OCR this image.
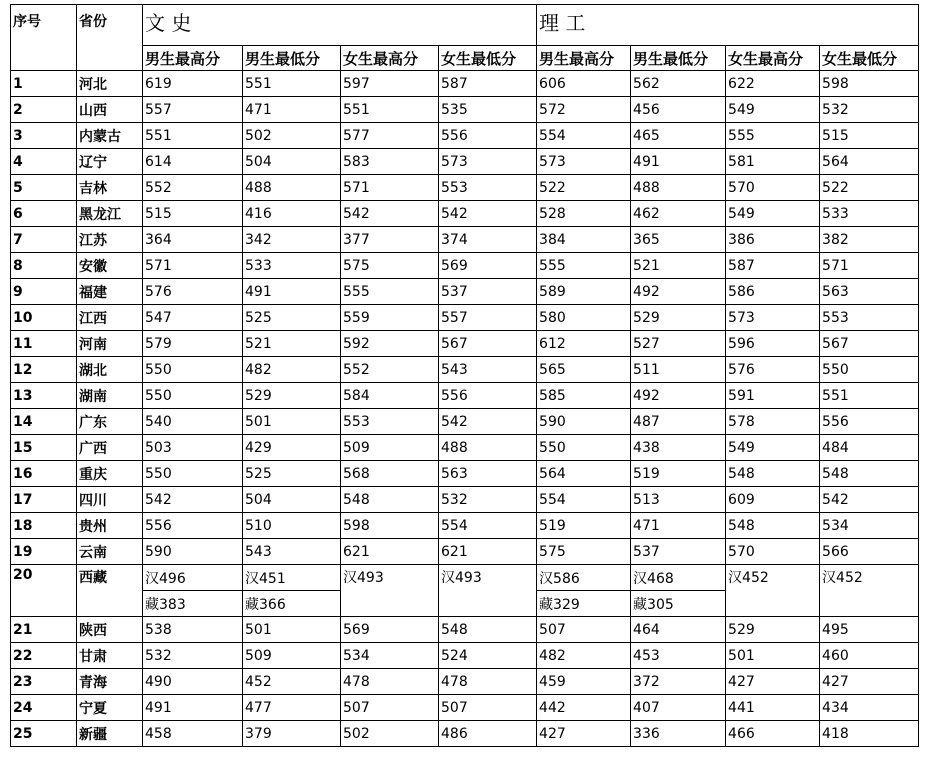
序号	省份	文 史				理 工			
		男生最高分	男生最低分	女生最高分	女生最低分	男生最高分	男生最低分	女生最高分	女生最低分
1	河北	619	551	597	587	606	562	622	598
2	山西	557	471	551	535	572	456	549	532
3	内蒙古	551	502	577	556	554	465	555	515
4	辽宁	614	504	583	573	573	491	581	564
5	吉林	552	488	571	553	522	488	570	522
6	黑龙江	515	416	542	542	528	462	549	533
7	江苏	364	342	377	374	384	365	386	382
8	安徽	571	533	575	569	555	521	587	571
9	福建	576	491	555	537	589	492	586	563
10	江西	547	525	559	557	580	529	573	553
11	河南	579	521	592	567	612	527	596	567
12	湖北	550	482	552	543	565	511	576	550
13	湖南	550	529	584	556	585	492	591	551
14	广东	540	501	553	542	590	487	578	556
15	广西	503	429	509	488	550	438	549	484
16	重庆	550	525	568	563	564	519	548	548
17	四川	542	504	548	532	554	513	609	542
18	贵州	556	510	598	554	519	471	548	534
19	云南	590	543	621	621	575	537	570	566
20	西藏	汉496	汉451	汉493	汉493	汉586	汉468	汉452	汉452
		藏383	藏366			藏329	藏305		
21	陕西	538	501	569	548	507	464	529	495
22	甘肃	532	509	534	524	482	453	501	460
23	青海	490	452	478	478	459	372	427	427
24	宁夏	491	477	507	507	442	407	441	434
25	新疆	458	379	502	486	427	336	466	418
